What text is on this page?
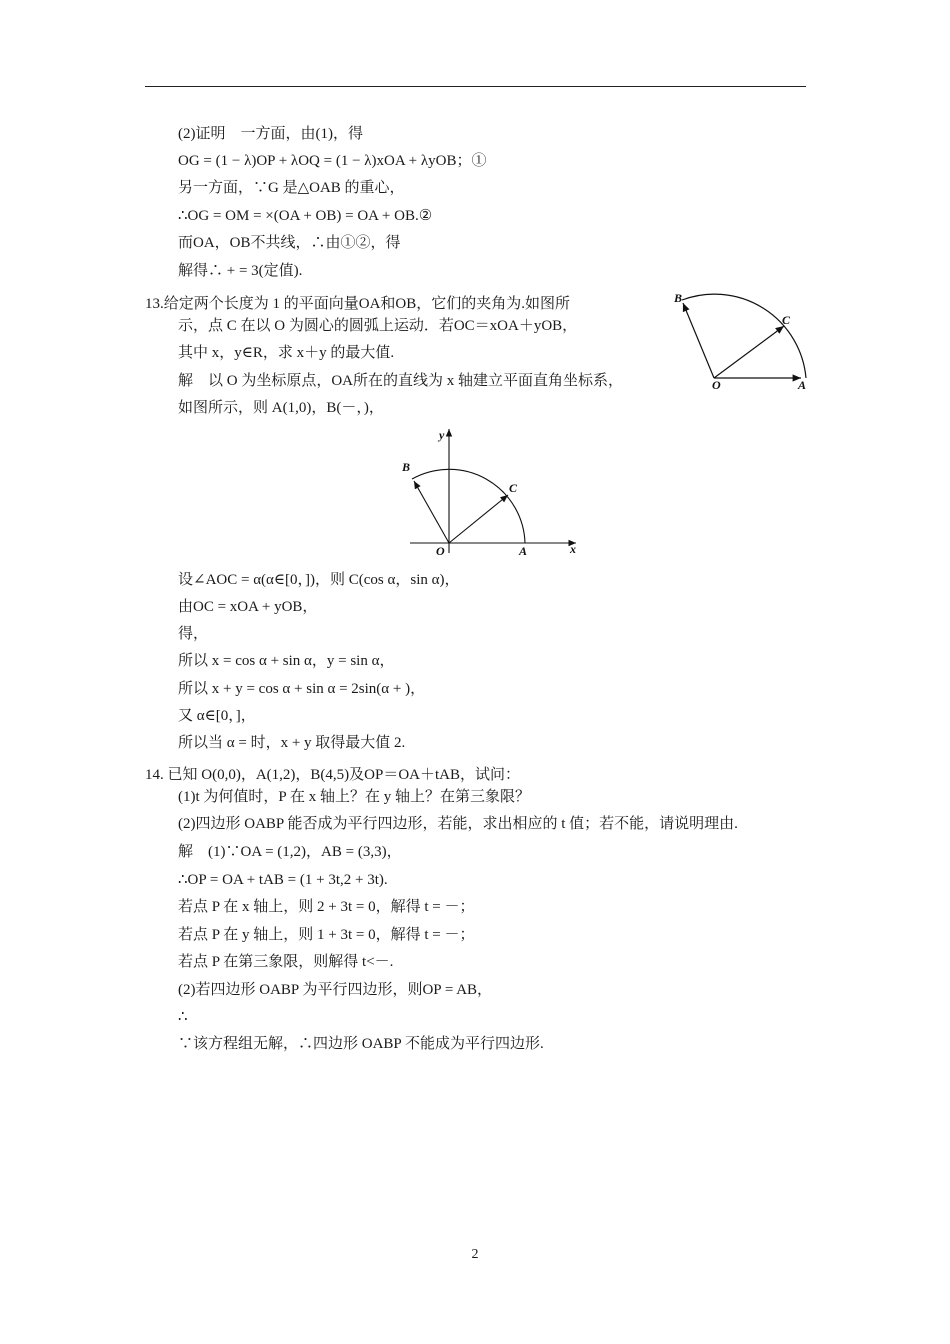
(2)证明　一方面，由(1)，得
OG = (1 − λ)OP + λOQ = (1 − λ)xOA + λyOB；①
另一方面，∵G 是△OAB 的重心，
∴OG = OM = ×(OA + OB) = OA + OB.②
而OA，OB不共线，∴由①②，得
解得∴ + = 3(定值).
13.给定两个长度为 1 的平面向量OA和OB，它们的夹角为.如图所
示，点 C 在以 O 为圆心的圆弧上运动．若OC＝xOA＋yOB，
其中 x，y∈R，求 x＋y 的最大值.
解　以 O 为坐标原点，OA所在的直线为 x 轴建立平面直角坐标系，
如图所示，则 A(1,0)，B(－，)，
B
C
O	A
y
B
C
O	A	x
设∠AOC = α(α∈[0，])，则 C(cos α，sin α)，
由OC = xOA + yOB，
得，
所以 x = cos α + sin α，y = sin α，
所以 x + y = cos α + sin α = 2sin(α + )，
又 α∈[0，]，
所以当 α = 时，x + y 取得最大值 2.
14. 已知 O(0,0)，A(1,2)，B(4,5)及OP＝OA＋tAB，试问：
(1)t 为何值时，P 在 x 轴上？在 y 轴上？在第三象限？
(2)四边形 OABP 能否成为平行四边形，若能，求出相应的 t 值；若不能，请说明理由.
解　(1)∵OA = (1,2)，AB = (3,3)，
∴OP = OA + tAB = (1 + 3t,2 + 3t).
若点 P 在 x 轴上，则 2 + 3t = 0，解得 t = －；
若点 P 在 y 轴上，则 1 + 3t = 0，解得 t = －；
若点 P 在第三象限，则解得 t<－.
(2)若四边形 OABP 为平行四边形，则OP = AB，
∴
∵该方程组无解，∴四边形 OABP 不能成为平行四边形.
2
